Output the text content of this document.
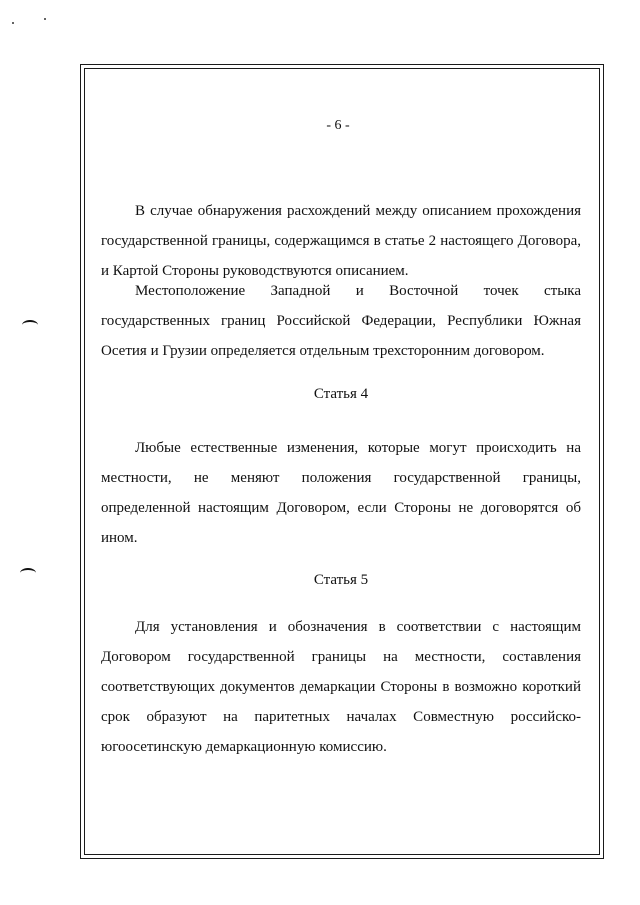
- 6 -

В случае обнаружения расхождений между описанием прохождения государственной границы, содержащимся в статье 2 настоящего Договора, и Картой Стороны руководствуются описанием.

Местоположение Западной и Восточной точек стыка государственных границ Российской Федерации, Республики Южная Осетия и Грузии определяется отдельным трехсторонним договором.

Статья 4

Любые естественные изменения, которые могут происходить на местности, не меняют положения государственной границы, определенной настоящим Договором, если Стороны не договорятся об ином.

Статья 5

Для установления и обозначения в соответствии с настоящим Договором государственной границы на местности, составления соответствующих документов демаркации Стороны в возможно короткий срок образуют на паритетных началах Совместную российско-югоосетинскую демаркационную комиссию.
